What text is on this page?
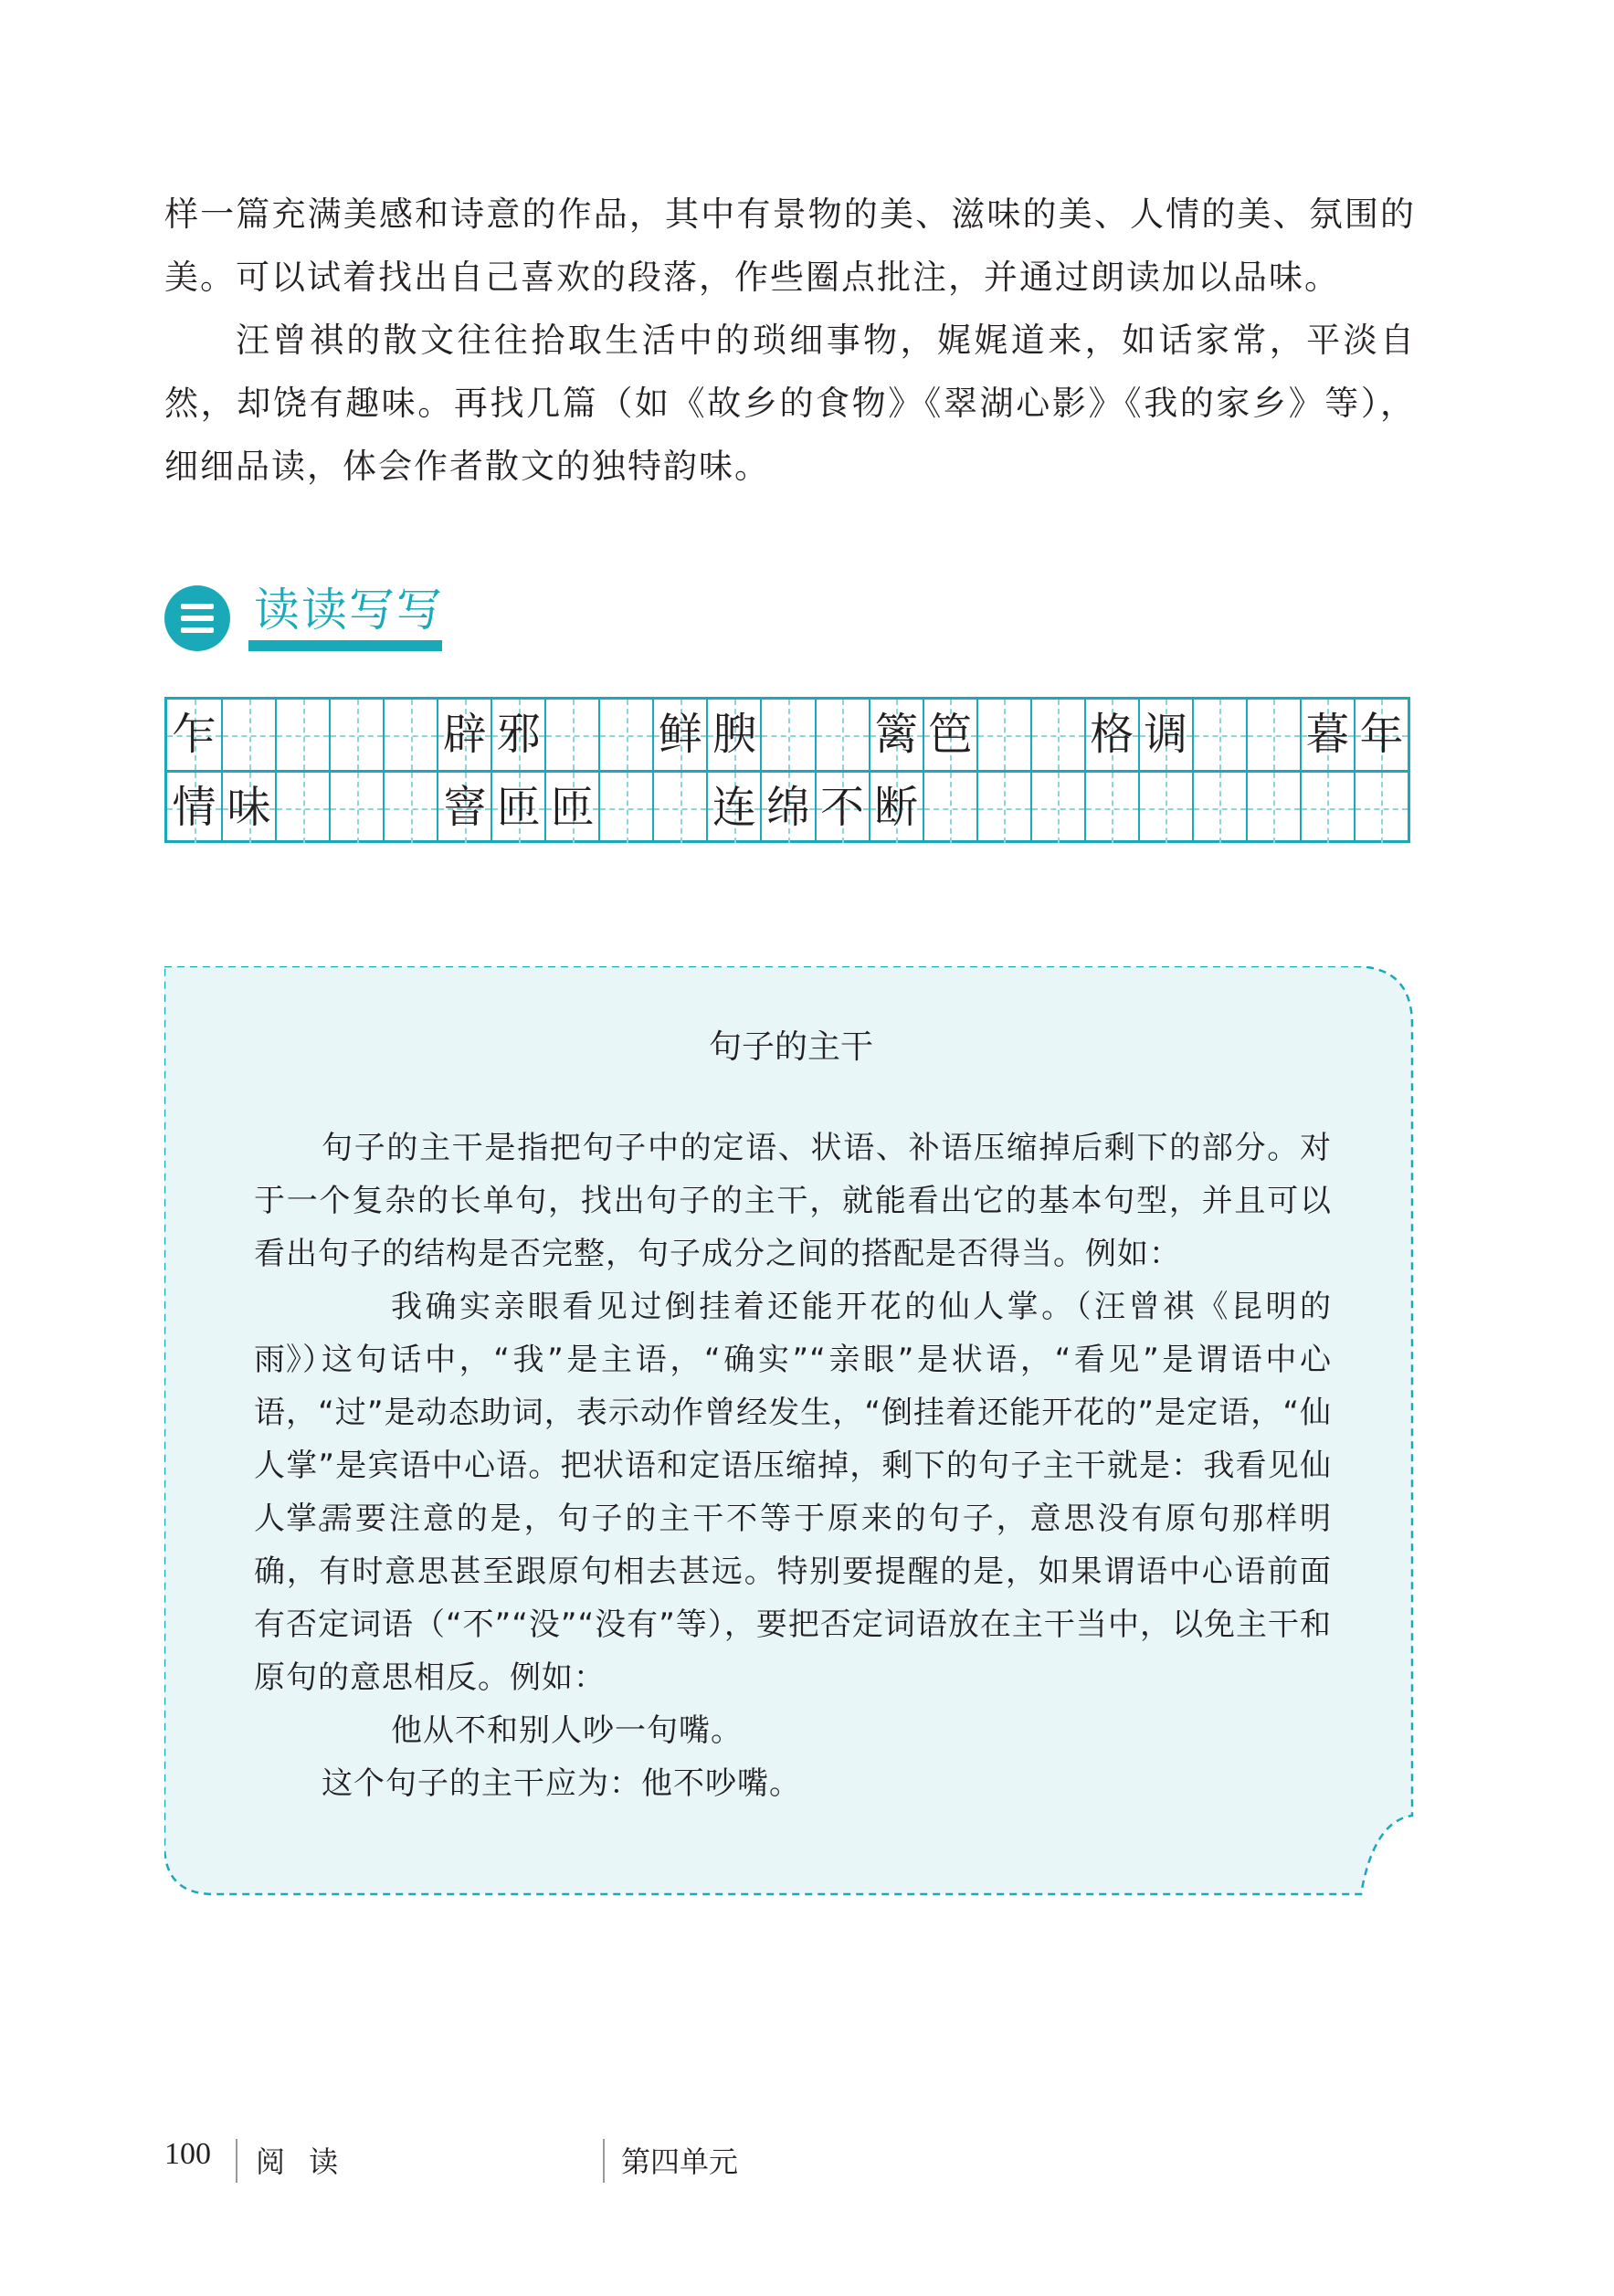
样一篇充满美感和诗意的作品，其中有景物的美、滋味的美、人情的美、氛围的美。可以试着找出自己喜欢的段落，作些圈点批注，并通过朗读加以品味。

汪曾祺的散文往往拾取生活中的琐细事物，娓娓道来，如话家常，平淡自然，却饶有趣味。再找几篇（如《故乡的食物》《翠湖心影》《我的家乡》等），细细品读，体会作者散文的独特韵味。

读读写写
乍	辟 邪	鲜 腴	篱 笆	格 调	暮 年
情 味	窨 匝 匝	连 绵 不 断
句子的主干

句子的主干是指把句子中的定语、状语、补语压缩掉后剩下的部分。对于一个复杂的长单句，找出句子的主干，就能看出它的基本句型，并且可以看出句子的结构是否完整，句子成分之间的搭配是否得当。例如：

我确实亲眼看见过倒挂着还能开花的仙人掌。（汪曾祺《昆明的雨》）

这句话中，“我”是主语，“确实”“亲眼”是状语，“看见”是谓语中心语，“过”是动态助词，表示动作曾经发生，“倒挂着还能开花的”是定语，“仙人掌”是宾语中心语。把状语和定语压缩掉，剩下的句子主干就是：我看见仙人掌。

需要注意的是，句子的主干不等于原来的句子，意思没有原句那样明确，有时意思甚至跟原句相去甚远。特别要提醒的是，如果谓语中心语前面有否定词语（“不”“没”“没有”等），要把否定词语放在主干当中，以免主干和原句的意思相反。例如：

他从不和别人吵一句嘴。

这个句子的主干应为：他不吵嘴。

100 阅 读	第四单元
